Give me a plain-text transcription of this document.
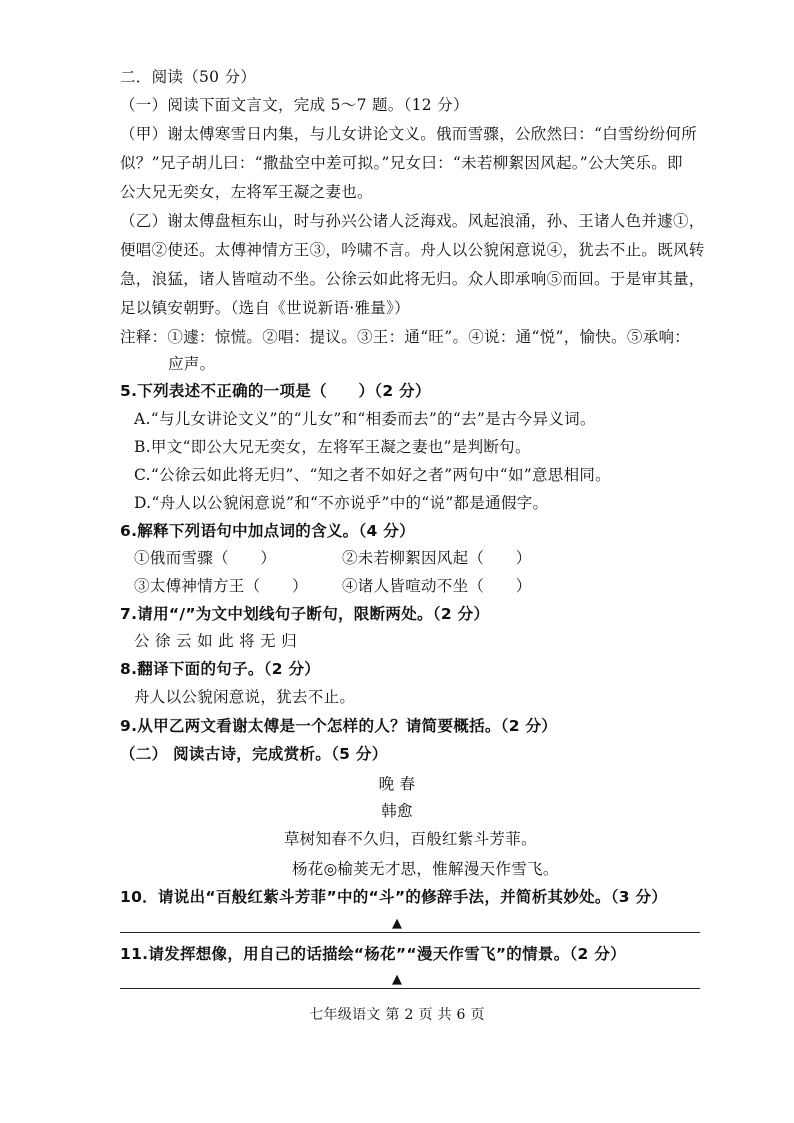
二．阅读（50 分）
（一）阅读下面文言文，完成 5～7 题。（12 分）
（甲）谢太傅寒雪日内集，与儿女讲论文义。俄而雪骤，公欣然曰：“白雪纷纷何所
似？”兄子胡儿曰：“撒盐空中差可拟。”兄女曰：“未若柳絮因风起。”公大笑乐。即
公大兄无奕女，左将军王凝之妻也。
（乙）谢太傅盘桓东山，时与孙兴公诸人泛海戏。风起浪涌，孙、王诸人色并遽①，
便唱②使还。太傅神情方王③，吟啸不言。舟人以公貌闲意说④，犹去不止。既风转
急，浪猛，诸人皆喧动不坐。公徐云如此将无归。众人即承响⑤而回。于是审其量，
足以镇安朝野。（选自《世说新语·雅量》）
注释：①遽：惊慌。②唱：提议。③王：通“旺”。④说：通“悦”，愉快。⑤承响：
应声。
5.下列表述不正确的一项是（　　）（2 分）
A.“与儿女讲论文义”的“儿女”和“相委而去”的“去”是古今异义词。
B.甲文“即公大兄无奕女，左将军王凝之妻也”是判断句。
C.“公徐云如此将无归”、“知之者不如好之者”两句中“如”意思相同。
D.“舟人以公貌闲意说”和“不亦说乎”中的“说”都是通假字。
6.解释下列语句中加点词的含义。（4 分）
①俄而雪骤（　　）	②未若柳絮因风起（　　）
③太傅神情方王（　　） ④诸人皆喧动不坐（　　）
7.请用“/”为文中划线句子断句，限断两处。（2 分）
公 徐 云 如 此 将 无 归
8.翻译下面的句子。（2 分）
舟人以公貌闲意说，犹去不止。
9.从甲乙两文看谢太傅是一个怎样的人？请简要概括。（2 分）
（二） 阅读古诗，完成赏析。（5 分）
晚 春
韩愈
草树知春不久归，百般红紫斗芳菲。
杨花◎榆荚无才思，惟解漫天作雪飞。
10．请说出“百般红紫斗芳菲”中的“斗”的修辞手法，并简析其妙处。（3 分）
▲
11.请发挥想像，用自己的话描绘“杨花”“漫天作雪飞”的情景。（2 分）
▲
七年级语文 第 2 页 共 6 页
